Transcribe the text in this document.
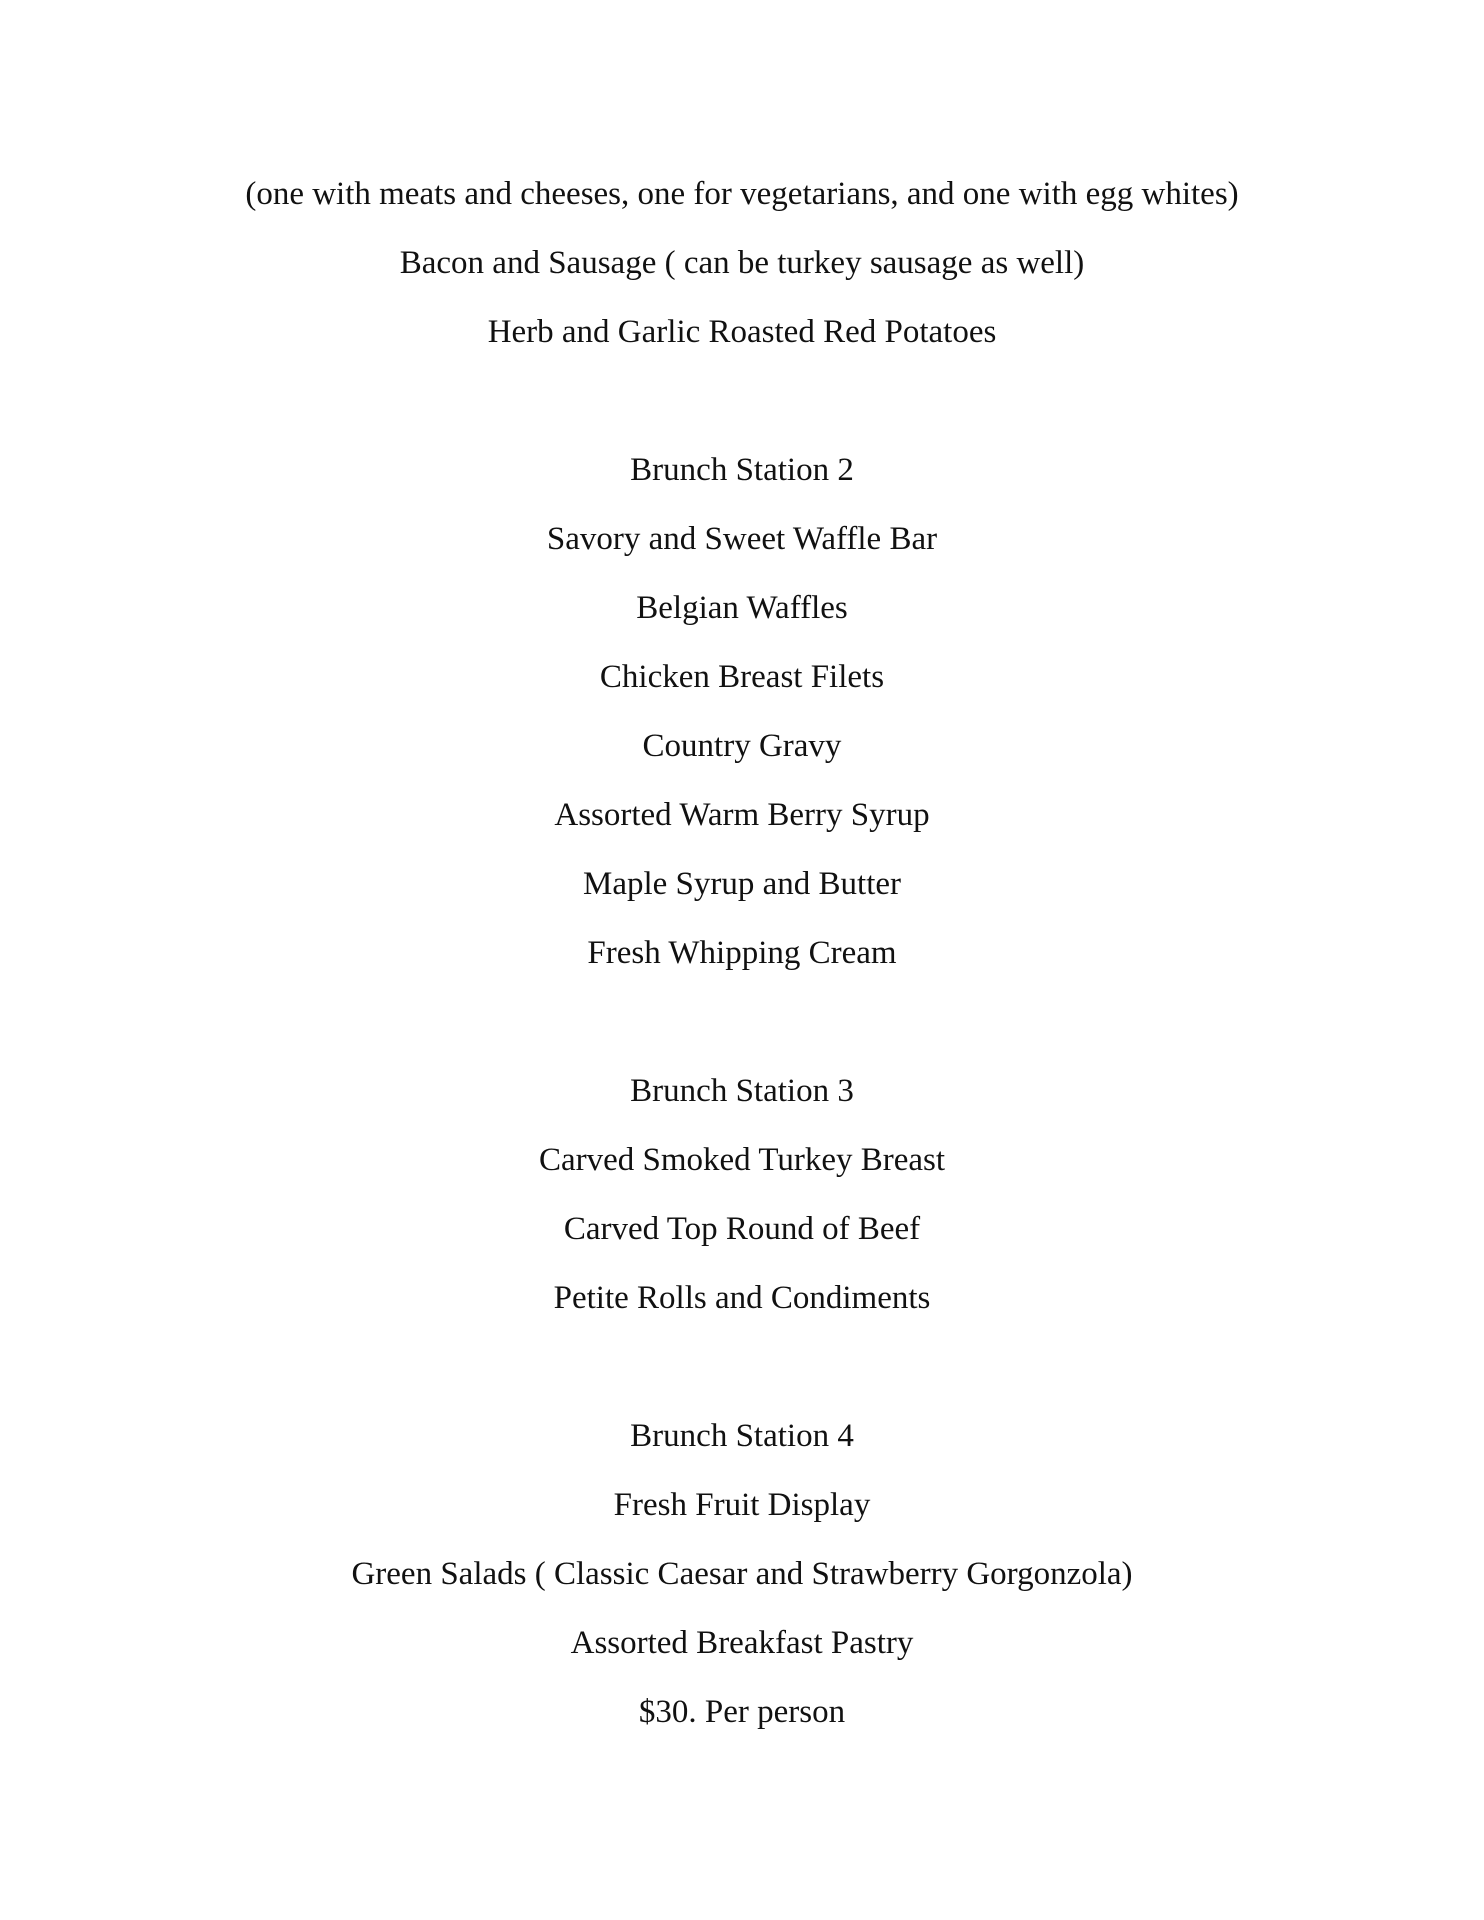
(one with meats and cheeses, one for vegetarians, and one with egg whites)
Bacon and Sausage ( can be turkey sausage as well)
Herb and Garlic Roasted Red Potatoes
Brunch Station 2
Savory and Sweet Waffle Bar
Belgian Waffles
Chicken Breast Filets
Country Gravy
Assorted Warm Berry Syrup
Maple Syrup and Butter
Fresh Whipping Cream
Brunch Station 3
Carved Smoked Turkey Breast
Carved Top Round of Beef
Petite Rolls and Condiments
Brunch Station 4
Fresh Fruit Display
Green Salads ( Classic Caesar and Strawberry Gorgonzola)
Assorted Breakfast Pastry
$30. Per person
